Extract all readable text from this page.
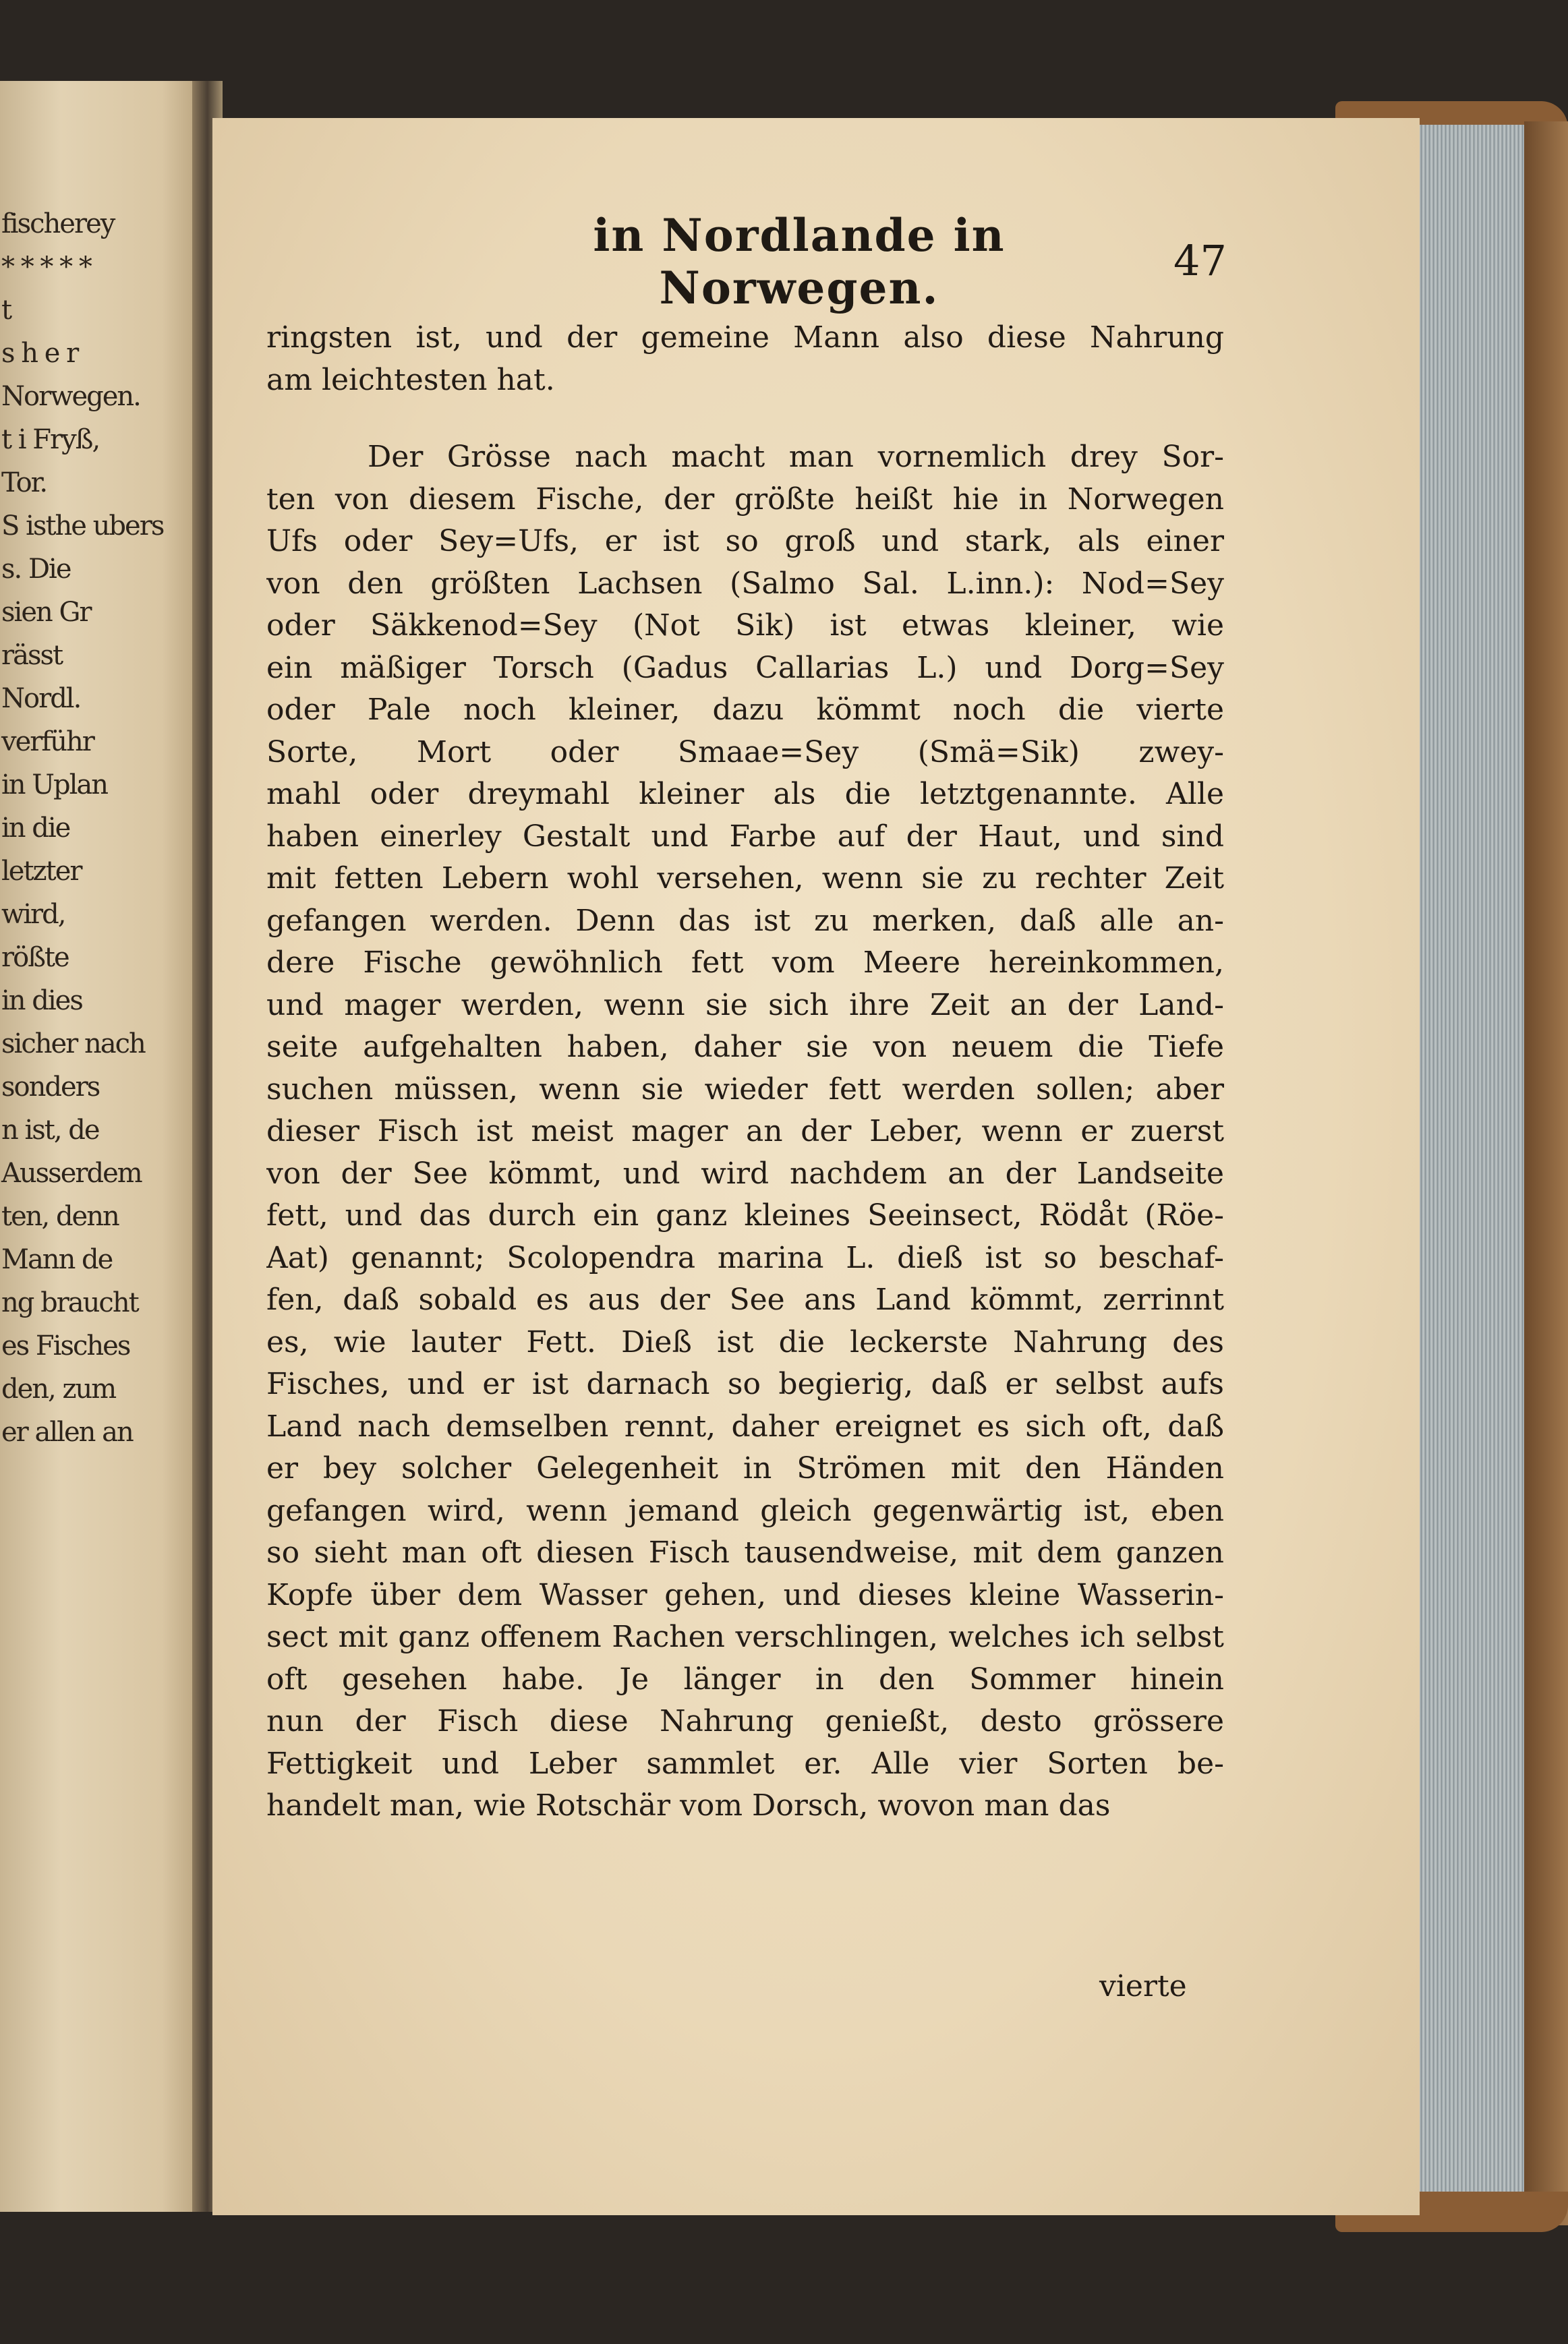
fischerey
* * * * *
t
s h e r
Norwegen.
t i Fryß,
Tor.
S isthe ubers
s. Die
sien Gr
rässt
Nordl.
verführ
in Uplan
in die
letzter
wird,
rößte
in dies
sicher nach
sonders
n ist, de
Ausserdem
ten, denn
Mann de
ng braucht
es Fisches
den, zum
er allen an
in Nordlande in Norwegen.
47
ringsten ist, und der gemeine Mann also diese Nahrung
am leichtesten hat.
Der Grösse nach macht man vornemlich drey Sor-
ten von diesem Fische, der größte heißt hie in Norwegen
Ufs oder Sey=Ufs, er ist so groß und stark, als einer
von den größten Lachsen (Salmo Sal. L.inn.): Nod=Sey
oder Säkkenod=Sey (Not Sik) ist etwas kleiner, wie
ein mäßiger Torsch (Gadus Callarias L.) und Dorg=Sey
oder Pale noch kleiner, dazu kömmt noch die vierte
Sorte, Mort oder Smaae=Sey (Smä=Sik) zwey-
mahl oder dreymahl kleiner als die letztgenannte. Alle
haben einerley Gestalt und Farbe auf der Haut, und sind
mit fetten Lebern wohl versehen, wenn sie zu rechter Zeit
gefangen werden. Denn das ist zu merken, daß alle an-
dere Fische gewöhnlich fett vom Meere hereinkommen,
und mager werden, wenn sie sich ihre Zeit an der Land-
seite aufgehalten haben, daher sie von neuem die Tiefe
suchen müssen, wenn sie wieder fett werden sollen; aber
dieser Fisch ist meist mager an der Leber, wenn er zuerst
von der See kömmt, und wird nachdem an der Landseite
fett, und das durch ein ganz kleines Seeinsect, Rödåt (Röe-
Aat) genannt; Scolopendra marina L. dieß ist so beschaf-
fen, daß sobald es aus der See ans Land kömmt, zerrinnt
es, wie lauter Fett. Dieß ist die leckerste Nahrung des
Fisches, und er ist darnach so begierig, daß er selbst aufs
Land nach demselben rennt, daher ereignet es sich oft, daß
er bey solcher Gelegenheit in Strömen mit den Händen
gefangen wird, wenn jemand gleich gegenwärtig ist, eben
so sieht man oft diesen Fisch tausendweise, mit dem ganzen
Kopfe über dem Wasser gehen, und dieses kleine Wasserin-
sect mit ganz offenem Rachen verschlingen, welches ich selbst
oft gesehen habe. Je länger in den Sommer hinein
nun der Fisch diese Nahrung genießt, desto grössere
Fettigkeit und Leber sammlet er. Alle vier Sorten be-
handelt man, wie Rotschär vom Dorsch, wovon man das
vierte
